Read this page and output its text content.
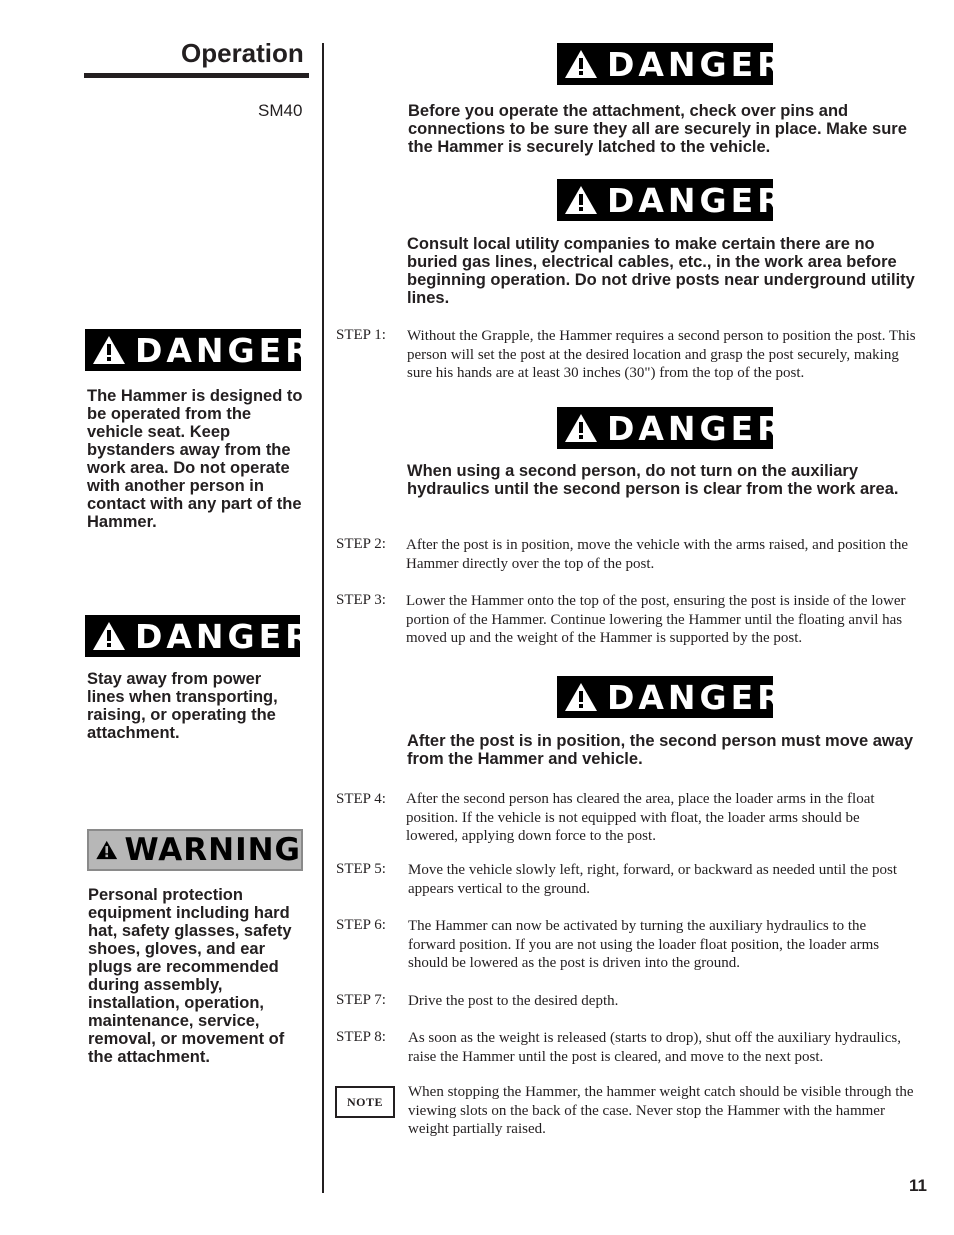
Operation
SM40
DANGER
The Hammer is designed to be operated from the vehicle seat. Keep bystanders away from the work area. Do not operate with another person in contact with any part of the Hammer.
DANGER
Stay away from power lines when transporting, raising, or operating the attachment.
WARNING
Personal protection equipment including hard hat, safety glasses, safety shoes, gloves, and ear plugs are recommended during assembly, installation, operation, maintenance, service, removal, or movement of the attachment.
DANGER
Before you operate the attachment, check over pins and connections to be sure they all are securely in place. Make sure the Hammer is securely latched to the vehicle.
DANGER
Consult local utility companies to make certain there are no buried gas lines, electrical cables, etc., in the work area before beginning operation. Do not drive posts near underground utility lines.
STEP 1: Without the Grapple, the Hammer requires a second person to position the post. This person will set the post at the desired location and grasp the post securely, making sure his hands are at least 30 inches (30") from the top of the post.
DANGER
When using a second person, do not turn on the auxiliary hydraulics until the second person is clear from the work area.
STEP 2: After the post is in position, move the vehicle with the arms raised, and position the Hammer directly over the top of the post.
STEP 3: Lower the Hammer onto the top of the post, ensuring the post is inside of the lower portion of the Hammer. Continue lowering the Hammer until the floating anvil has moved up and the weight of the Hammer is supported by the post.
DANGER
After the post is in position, the second person must move away from the Hammer and vehicle.
STEP 4: After the second person has cleared the area, place the loader arms in the float position. If the vehicle is not equipped with float, the loader arms should be lowered, applying down force to the post.
STEP 5: Move the vehicle slowly left, right, forward, or backward as needed until the post appears vertical to the ground.
STEP 6: The Hammer can now be activated by turning the auxiliary hydraulics to the forward position. If you are not using the loader float position, the loader arms should be lowered as the post is driven into the ground.
STEP 7: Drive the post to the desired depth.
STEP 8: As soon as the weight is released (starts to drop), shut off the auxiliary hydraulics, raise the Hammer until the post is cleared, and move to the next post.
NOTE
When stopping the Hammer, the hammer weight catch should be visible through the viewing slots on the back of the case. Never stop the Hammer with the hammer weight partially raised.
11
